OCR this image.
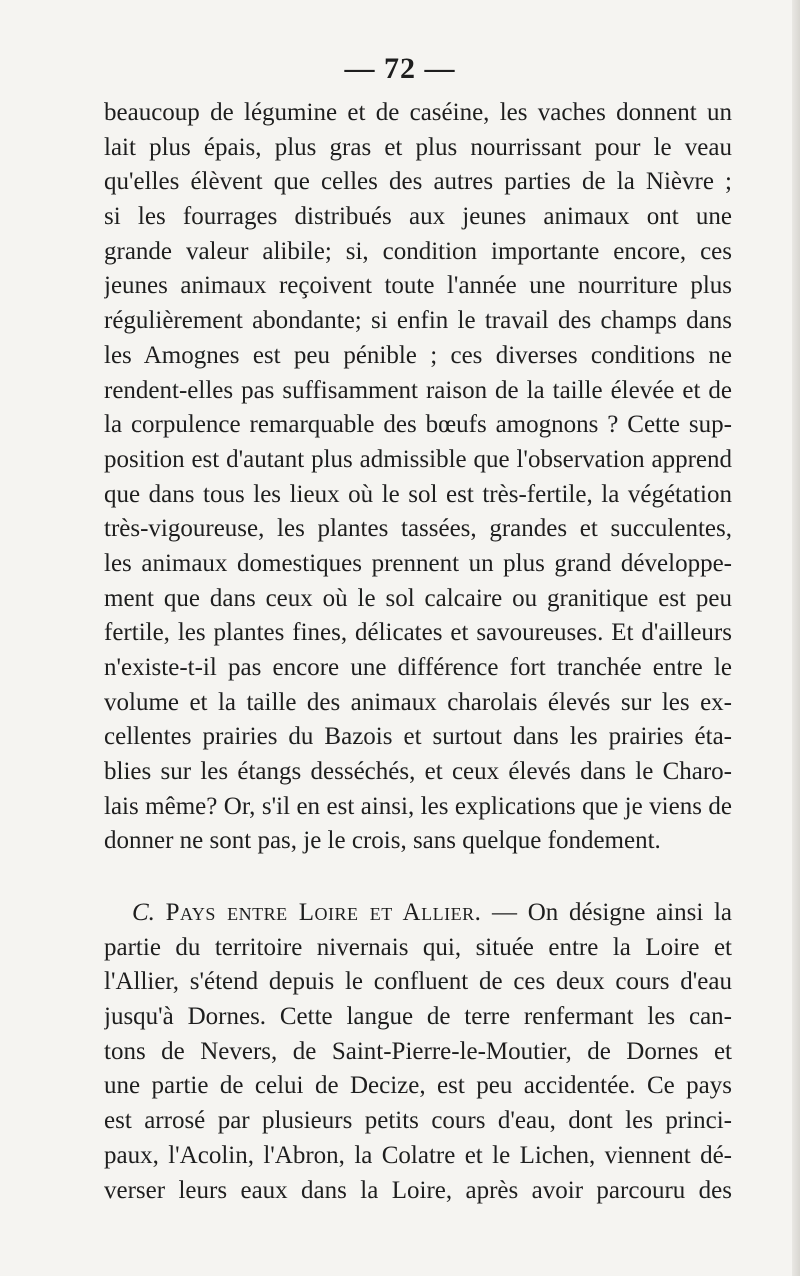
— 72 —
beaucoup de légumine et de caséine, les vaches donnent un
lait plus épais, plus gras et plus nourrissant pour le veau
qu'elles élèvent que celles des autres parties de la Nièvre ;
si les fourrages distribués aux jeunes animaux ont une
grande valeur alibile; si, condition importante encore, ces
jeunes animaux reçoivent toute l'année une nourriture plus
régulièrement abondante; si enfin le travail des champs dans
les Amognes est peu pénible ; ces diverses conditions ne
rendent-elles pas suffisamment raison de la taille élevée et de
la corpulence remarquable des bœufs amognons ? Cette sup-
position est d'autant plus admissible que l'observation apprend
que dans tous les lieux où le sol est très-fertile, la végétation
très-vigoureuse, les plantes tassées, grandes et succulentes,
les animaux domestiques prennent un plus grand développe-
ment que dans ceux où le sol calcaire ou granitique est peu
fertile, les plantes fines, délicates et savoureuses. Et d'ailleurs
n'existe-t-il pas encore une différence fort tranchée entre le
volume et la taille des animaux charolais élevés sur les ex-
cellentes prairies du Bazois et surtout dans les prairies éta-
blies sur les étangs desséchés, et ceux élevés dans le Charo-
lais même? Or, s'il en est ainsi, les explications que je viens de
donner ne sont pas, je le crois, sans quelque fondement.
C. Pays entre Loire et Allier. — On désigne ainsi la
partie du territoire nivernais qui, située entre la Loire et
l'Allier, s'étend depuis le confluent de ces deux cours d'eau
jusqu'à Dornes. Cette langue de terre renfermant les can-
tons de Nevers, de Saint-Pierre-le-Moutier, de Dornes et
une partie de celui de Decize, est peu accidentée. Ce pays
est arrosé par plusieurs petits cours d'eau, dont les princi-
paux, l'Acolin, l'Abron, la Colatre et le Lichen, viennent dé-
verser leurs eaux dans la Loire, après avoir parcouru des
